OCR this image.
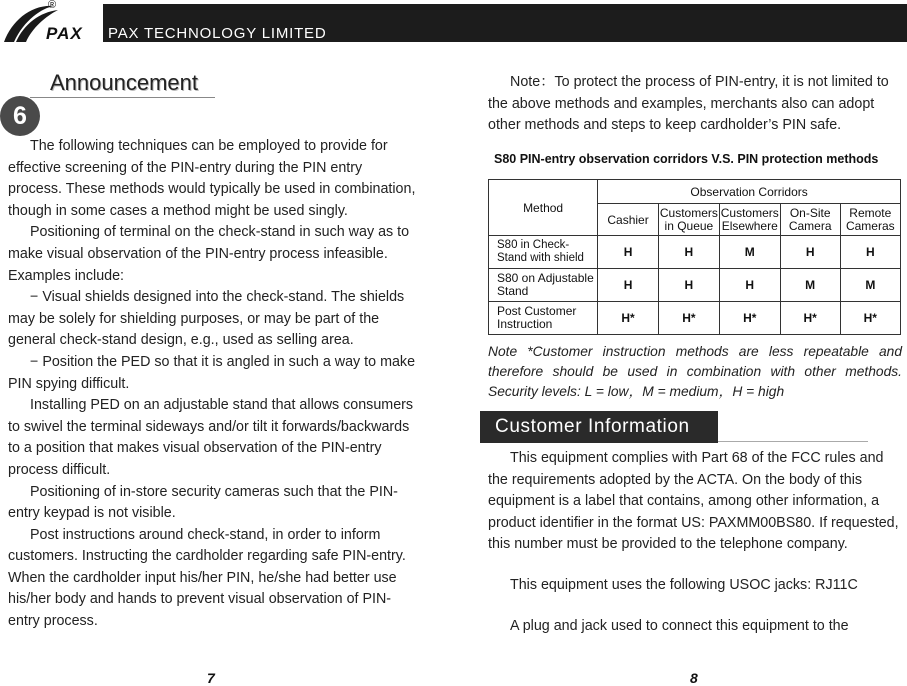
PAX
®
PAX TECHNOLOGY LIMITED
Announcement
6

The following techniques can be employed to provide for effective screening of the PIN-entry during the PIN entry process. These methods would typically be used in combination, though in some cases a method might be used singly.

Positioning of terminal on the check-stand in such way as to make visual observation of the PIN-entry process infeasible. Examples include:

− Visual shields designed into the check-stand. The shields may be solely for shielding purposes, or may be part of the general check-stand design, e.g., used as selling area.

− Position the PED so that it is angled in such a way to make PIN spying difficult.

Installing PED on an adjustable stand that allows consumers to swivel the terminal sideways and/or tilt it forwards/backwards to a position that makes visual observation of the PIN-entry process difficult.

Positioning of in-store security cameras such that the PIN-entry keypad is not visible.

Post instructions around check-stand, in order to inform customers. Instructing the cardholder regarding safe PIN-entry. When the cardholder input his/her PIN, he/she had better use his/her body and hands to prevent visual observation of PIN-entry process.

7

Note：To protect the process of PIN-entry, it is not limited to the above methods and examples, merchants also can adopt other methods and steps to keep cardholder’s PIN safe.

S80 PIN-entry observation corridors V.S. PIN protection methods
Method	Observation Corridors				
	Cashier	Customers in Queue	Customers Elsewhere	On-Site Camera	Remote Cameras
S80 in Check-Stand with shield	H	H	M	H	H
S80 on Adjustable Stand	H	H	H	M	M
Post Customer Instruction	H*	H*	H*	H*	H*
Note *Customer instruction methods are less repeatable and therefore should be used in combination with other methods. Security levels: L = low，M = medium，H = high
Customer Information

This equipment complies with Part 68 of the FCC rules and the requirements adopted by the ACTA. On the body of this equipment is a label that contains, among other information, a product identifier in the format US: PAXMM00BS80. If requested, this number must be provided to the telephone company.

This equipment uses the following USOC jacks: RJ11C

A plug and jack used to connect this equipment to the

8
